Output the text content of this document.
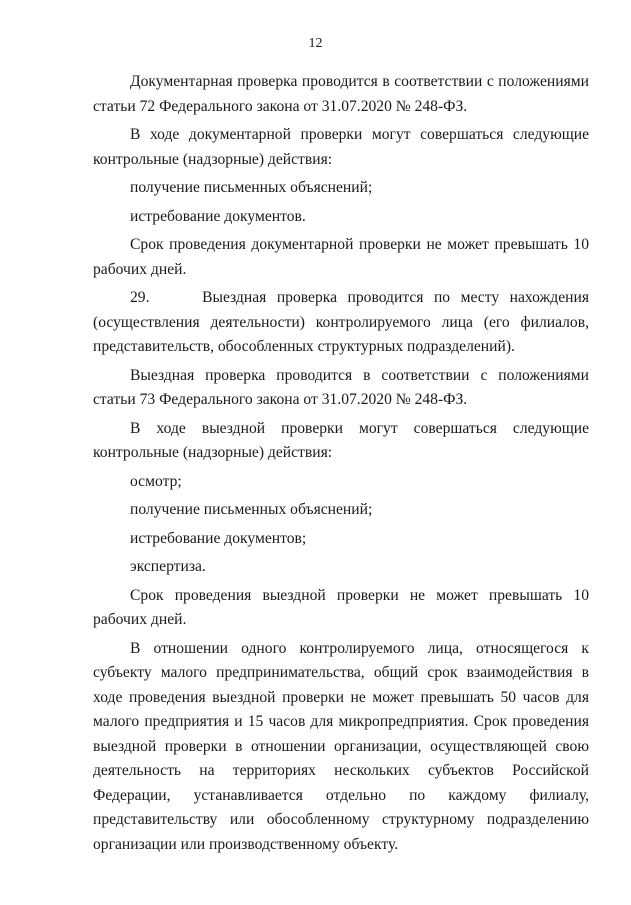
12

Документарная проверка проводится в соответствии с положениями статьи 72 Федерального закона от 31.07.2020 № 248-ФЗ.

В ходе документарной проверки могут совершаться следующие контрольные (надзорные) действия:

получение письменных объяснений;

истребование документов.

Срок проведения документарной проверки не может превышать 10 рабочих дней.

29.	Выездная проверка проводится по месту нахождения (осуществления деятельности) контролируемого лица (его филиалов, представительств, обособленных структурных подразделений).

Выездная проверка проводится в соответствии с положениями статьи 73 Федерального закона от 31.07.2020 № 248-ФЗ.

В ходе выездной проверки могут совершаться следующие контрольные (надзорные) действия:

осмотр;

получение письменных объяснений;

истребование документов;

экспертиза.

Срок проведения выездной проверки не может превышать 10 рабочих дней.

В отношении одного контролируемого лица, относящегося к субъекту малого предпринимательства, общий срок взаимодействия в ходе проведения выездной проверки не может превышать 50 часов для малого предприятия и 15 часов для микропредприятия. Срок проведения выездной проверки в отношении организации, осуществляющей свою деятельность на территориях нескольких субъектов Российской Федерации, устанавливается отдельно по каждому филиалу, представительству или обособленному структурному подразделению организации или производственному объекту.
